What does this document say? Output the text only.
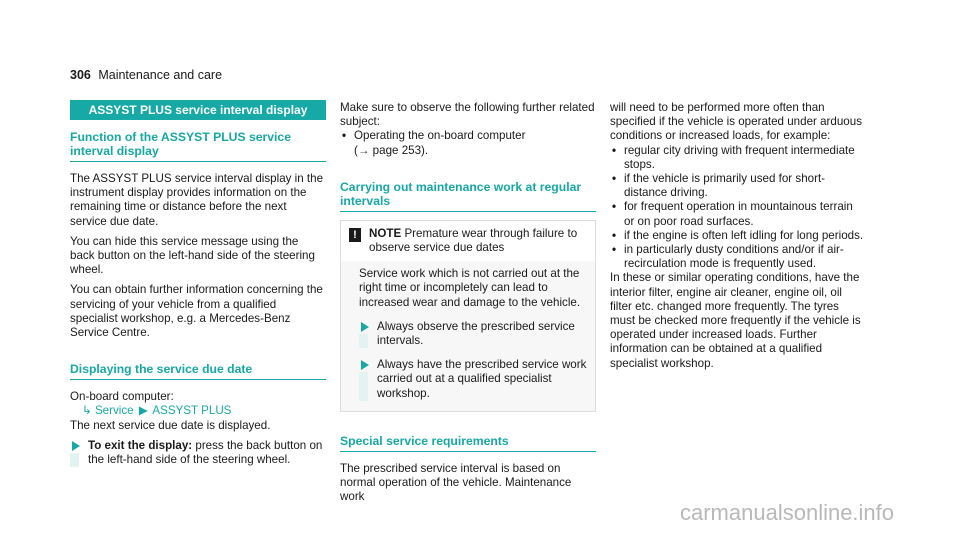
306 Maintenance and care
ASSYST PLUS service interval display
Function of the ASSYST PLUS service interval display

The ASSYST PLUS service interval display in the instrument display provides information on the remaining time or distance before the next service due date.

You can hide this service message using the back button on the left-hand side of the steering wheel.

You can obtain further information concerning the servicing of your vehicle from a qualified specialist workshop, e.g. a Mercedes-Benz Service Centre.

Displaying the service due date

On-board computer:

↳ Service ▶ ASSYST PLUS

The next service due date is displayed.

To exit the display: press the back button on the left-hand side of the steering wheel.

Make sure to observe the following further related subject:

• Operating the on-board computer
(→ page 253).
Carrying out maintenance work at regular intervals
!	NOTE Premature wear through failure to observe service due dates

Service work which is not carried out at the right time or incompletely can lead to increased wear and damage to the vehicle.

Always observe the prescribed service intervals.
Always have the prescribed service work carried out at a qualified specialist workshop.
Special service requirements

The prescribed service interval is based on normal operation of the vehicle. Maintenance work

will need to be performed more often than specified if the vehicle is operated under arduous conditions or increased loads, for example:

• regular city driving with frequent intermediate stops.
• if the vehicle is primarily used for short-distance driving.
• for frequent operation in mountainous terrain or on poor road surfaces.
• if the engine is often left idling for long periods.
• in particularly dusty conditions and/or if air-recirculation mode is frequently used.

In these or similar operating conditions, have the interior filter, engine air cleaner, engine oil, oil filter etc. changed more frequently. The tyres must be checked more frequently if the vehicle is operated under increased loads. Further information can be obtained at a qualified specialist workshop.

carmanualsonline.info
